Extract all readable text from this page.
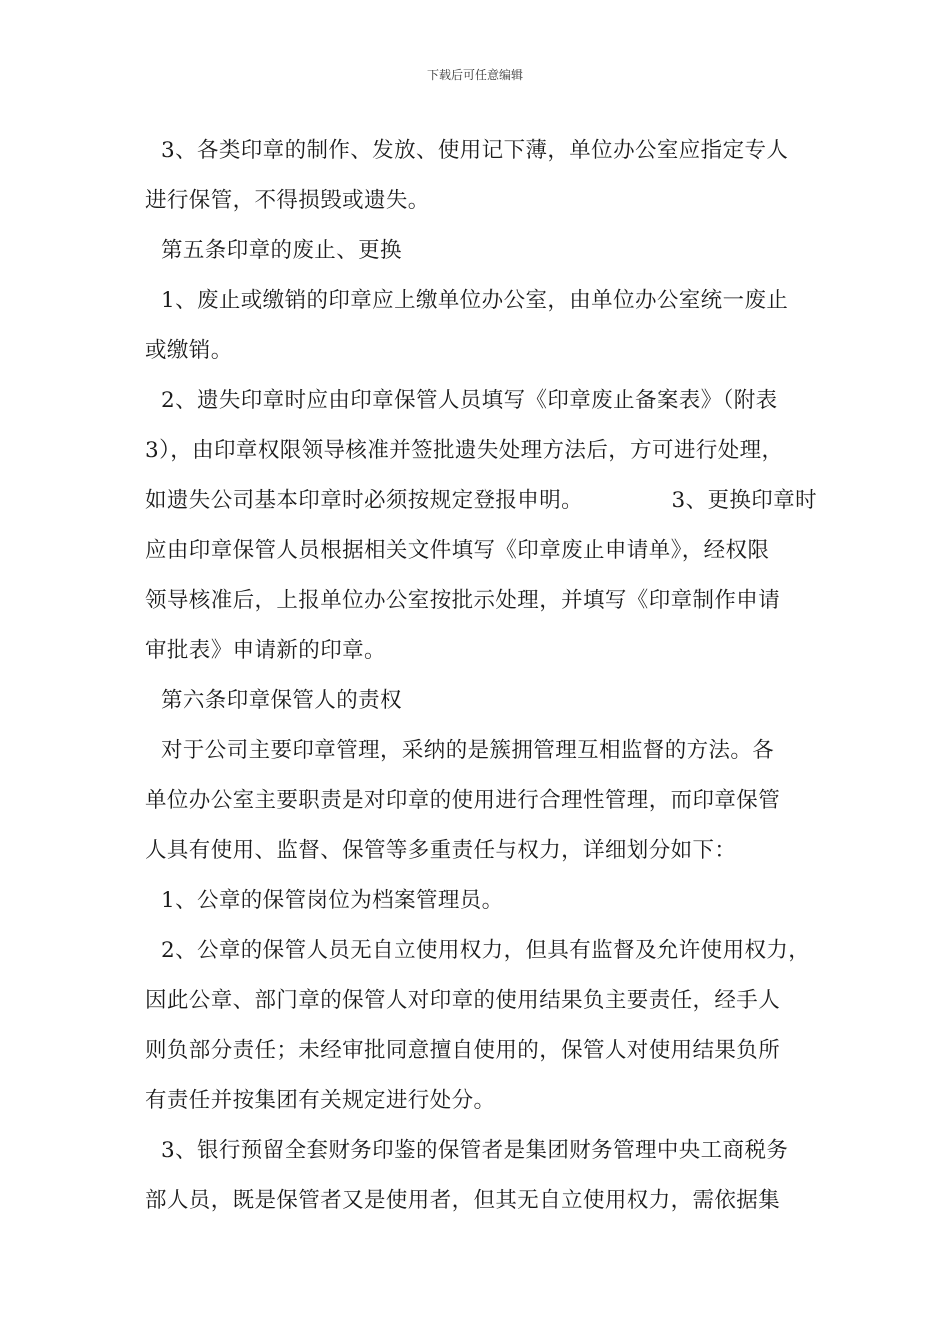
下载后可任意编辑
3、各类印章的制作、发放、使用记下薄，单位办公室应指定专人
进行保管，不得损毁或遗失。
第五条印章的废止、更换
1、废止或缴销的印章应上缴单位办公室，由单位办公室统一废止
或缴销。
2、遗失印章时应由印章保管人员填写《印章废止备案表》（附表
3），由印章权限领导核准并签批遗失处理方法后，方可进行处理，
如遗失公司基本印章时必须按规定登报申明。	3、更换印章时
应由印章保管人员根据相关文件填写《印章废止申请单》，经权限
领导核准后，上报单位办公室按批示处理，并填写《印章制作申请
审批表》申请新的印章。
第六条印章保管人的责权
对于公司主要印章管理，采纳的是簇拥管理互相监督的方法。各
单位办公室主要职责是对印章的使用进行合理性管理，而印章保管
人具有使用、监督、保管等多重责任与权力，详细划分如下：
1、公章的保管岗位为档案管理员。
2、公章的保管人员无自立使用权力，但具有监督及允许使用权力，
因此公章、部门章的保管人对印章的使用结果负主要责任，经手人
则负部分责任；未经审批同意擅自使用的，保管人对使用结果负所
有责任并按集团有关规定进行处分。
3、银行预留全套财务印鉴的保管者是集团财务管理中央工商税务
部人员，既是保管者又是使用者，但其无自立使用权力，需依据集
